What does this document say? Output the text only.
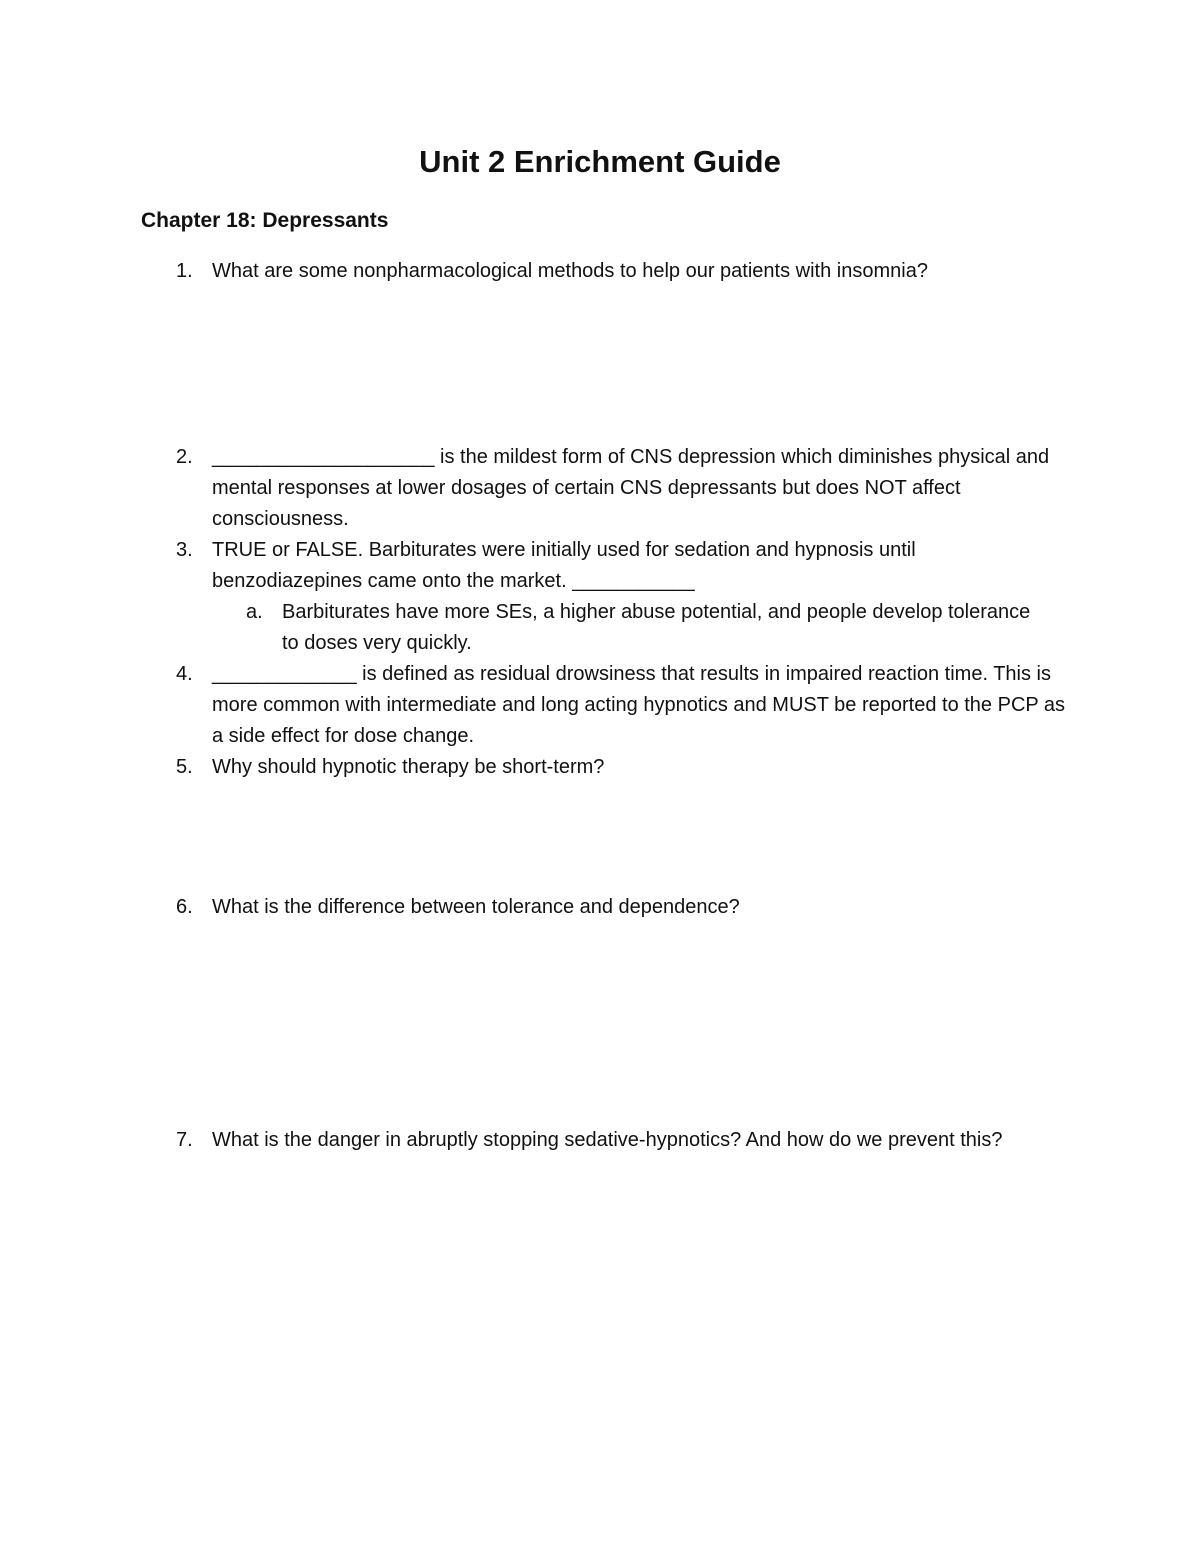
Unit 2 Enrichment Guide
Chapter 18: Depressants
1. What are some nonpharmacological methods to help our patients with insomnia?
2. ____________________ is the mildest form of CNS depression which diminishes physical and mental responses at lower dosages of certain CNS depressants but does NOT affect consciousness.
3. TRUE or FALSE. Barbiturates were initially used for sedation and hypnosis until benzodiazepines came onto the market. ___________
a. Barbiturates have more SEs, a higher abuse potential, and people develop tolerance to doses very quickly.
4. _____________ is defined as residual drowsiness that results in impaired reaction time. This is more common with intermediate and long acting hypnotics and MUST be reported to the PCP as a side effect for dose change.
5. Why should hypnotic therapy be short-term?
6. What is the difference between tolerance and dependence?
7. What is the danger in abruptly stopping sedative-hypnotics? And how do we prevent this?
